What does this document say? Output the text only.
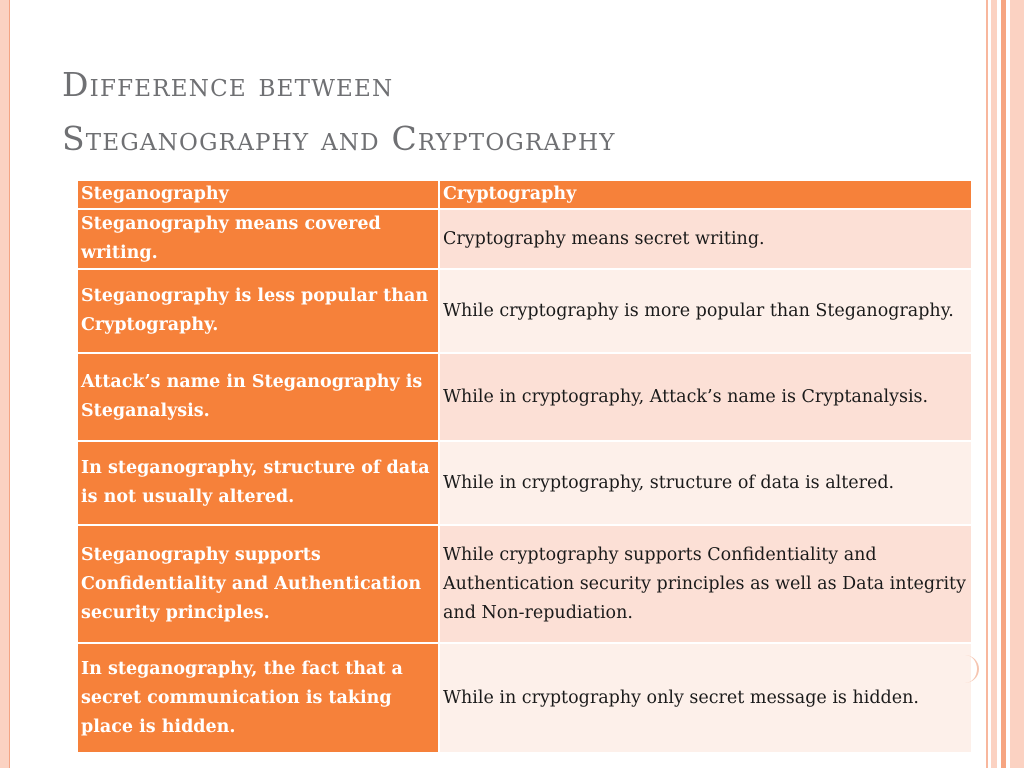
Difference between
Steganography and Cryptography
Steganography	Cryptography
Steganography means covered writing.	Cryptography means secret writing.
Steganography is less popular than Cryptography.	While cryptography is more popular than Steganography.
Attack’s name in Steganography is Steganalysis.	While in cryptography, Attack’s name is Cryptanalysis.
In steganography, structure of data is not usually altered.	While in cryptography, structure of data is altered.
Steganography supports Confidentiality and Authentication security principles.	While cryptography supports Confidentiality and Authentication security principles as well as Data integrity and Non-repudiation.
In steganography, the fact that a secret communication is taking place is hidden.	While in cryptography only secret message is hidden.
